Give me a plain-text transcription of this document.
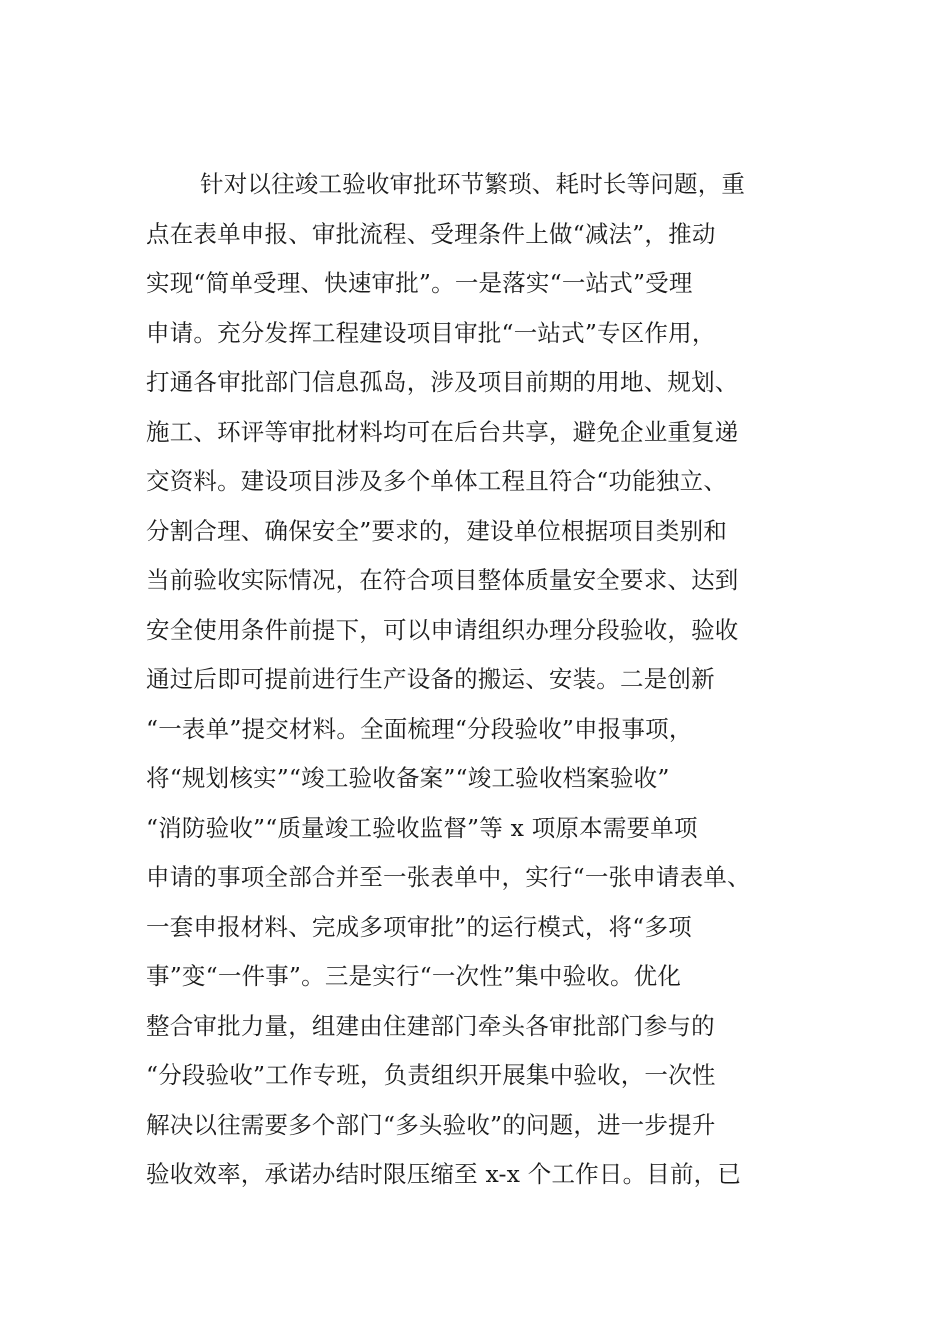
针对以往竣工验收审批环节繁琐、耗时长等问题，重
点在表单申报、审批流程、受理条件上做“减法”，推动
实现“简单受理、快速审批”。一是落实“一站式”受理
申请。充分发挥工程建设项目审批“一站式”专区作用，
打通各审批部门信息孤岛，涉及项目前期的用地、规划、
施工、环评等审批材料均可在后台共享，避免企业重复递
交资料。建设项目涉及多个单体工程且符合“功能独立、
分割合理、确保安全”要求的，建设单位根据项目类别和
当前验收实际情况，在符合项目整体质量安全要求、达到
安全使用条件前提下，可以申请组织办理分段验收，验收
通过后即可提前进行生产设备的搬运、安装。二是创新
“一表单”提交材料。全面梳理“分段验收”申报事项，
将“规划核实”“竣工验收备案”“竣工验收档案验收”
“消防验收”“质量竣工验收监督”等 x 项原本需要单项
申请的事项全部合并至一张表单中，实行“一张申请表单、
一套申报材料、完成多项审批”的运行模式，将“多项
事”变“一件事”。三是实行“一次性”集中验收。优化
整合审批力量，组建由住建部门牵头各审批部门参与的
“分段验收”工作专班，负责组织开展集中验收，一次性
解决以往需要多个部门“多头验收”的问题，进一步提升
验收效率，承诺办结时限压缩至 x-x 个工作日。目前，已
